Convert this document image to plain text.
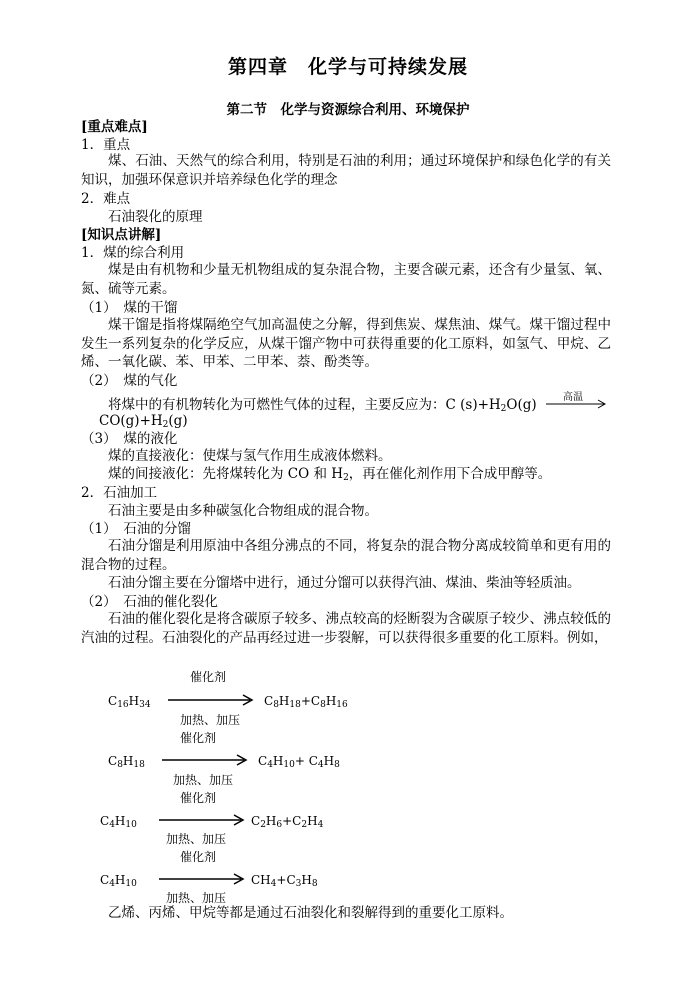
第四章　化学与可持续发展
第二节　化学与资源综合利用、环境保护
[重点难点]
1．重点
煤、石油、天然气的综合利用，特别是石油的利用；通过环境保护和绿色化学的有关知识，加强环保意识并培养绿色化学的理念
2．难点
石油裂化的原理
[知识点讲解]
1．煤的综合利用
煤是由有机物和少量无机物组成的复杂混合物，主要含碳元素，还含有少量氢、氧、氮、硫等元素。
（1）　煤的干馏
煤干馏是指将煤隔绝空气加高温使之分解，得到焦炭、煤焦油、煤气。煤干馏过程中发生一系列复杂的化学反应，从煤干馏产物中可获得重要的化工原料，如氢气、甲烷、乙烯、一氧化碳、苯、甲苯、二甲苯、萘、酚类等。
（2）　煤的气化
将煤中的有机物转化为可燃性气体的过程，主要反应为：C $(s)+H_2O(g)$	高温
$CO(g)+H_2(g)$
（3）　煤的液化
煤的直接液化：使煤与氢气作用生成液体燃料。
煤的间接液化：先将煤转化为 CO 和 $H_2$，再在催化剂作用下合成甲醇等。
2．石油加工
石油主要是由多种碳氢化合物组成的混合物。
（1）　石油的分馏
石油分馏是利用原油中各组分沸点的不同，将复杂的混合物分离成较简单和更有用的混合物的过程。
石油分馏主要在分馏塔中进行，通过分馏可以获得汽油、煤油、柴油等轻质油。
（2）　石油的催化裂化
石油的催化裂化是将含碳原子较多、沸点较高的烃断裂为含碳原子较少、沸点较低的汽油的过程。石油裂化的产品再经过进一步裂解，可以获得很多重要的化工原料。例如，
催化剂
$C_{16}H_{34}$	$C_8H_{18}+C_8H_{16}$
加热、加压
催化剂
$C_8H_{18}$	$C_4H_{10}+ C_4H_8$
加热、加压
催化剂
$C_4H_{10}$	$C_2H_6+C_2H_4$
加热、加压
催化剂
$C_4H_{10}$	$CH_4+C_3H_8$
加热、加压
乙烯、丙烯、甲烷等都是通过石油裂化和裂解得到的重要化工原料。
